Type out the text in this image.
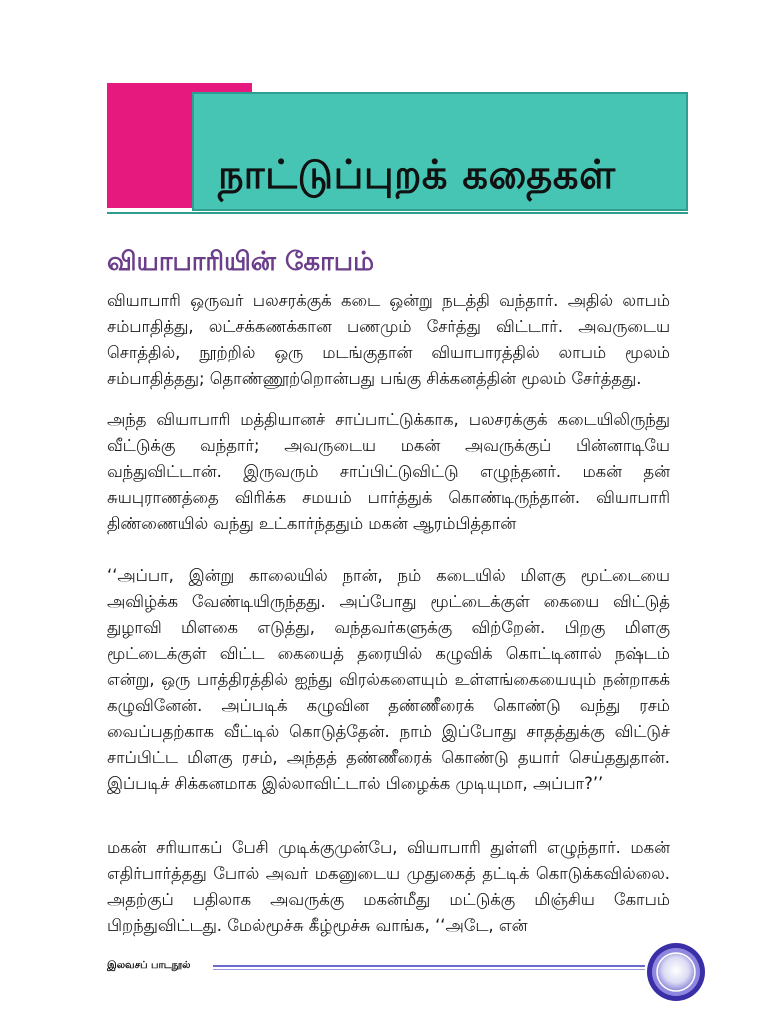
நாட்டுப்புறக் கதைகள்
வியாபாரியின் கோபம்

வியாபாரி ஒருவர் பலசரக்குக் கடை ஒன்று நடத்தி வந்தார். அதில் லாபம் சம்பாதித்து, லட்சக்கணக்கான பணமும் சேர்த்து விட்டார். அவருடைய சொத்தில், நூற்றில் ஒரு மடங்குதான் வியாபாரத்தில் லாபம் மூலம் சம்பாதித்தது; தொண்ணூற்றொன்பது பங்கு சிக்கனத்தின் மூலம் சேர்த்தது.

அந்த வியாபாரி மத்தியானச் சாப்பாட்டுக்காக, பலசரக்குக் கடையிலிருந்து வீட்டுக்கு வந்தார்; அவருடைய மகன் அவருக்குப் பின்னாடியே வந்துவிட்டான். இருவரும் சாப்பிட்டுவிட்டு எழுந்தனர். மகன் தன் சுயபுராணத்தை விரிக்க சமயம் பார்த்துக் கொண்டிருந்தான். வியாபாரி திண்ணையில் வந்து உட்கார்ந்ததும் மகன் ஆரம்பித்தான்

‘‘அப்பா, இன்று காலையில் நான், நம் கடையில் மிளகு மூட்டையை அவிழ்க்க வேண்டியிருந்தது. அப்போது மூட்டைக்குள் கையை விட்டுத் துழாவி மிளகை எடுத்து, வந்தவர்களுக்கு விற்றேன். பிறகு மிளகு மூட்டைக்குள் விட்ட கையைத் தரையில் கழுவிக் கொட்டினால் நஷ்டம் என்று, ஒரு பாத்திரத்தில் ஐந்து விரல்களையும் உள்ளங்கையையும் நன்றாகக் கழுவினேன். அப்படிக் கழுவின தண்ணீரைக் கொண்டு வந்து ரசம் வைப்பதற்காக வீட்டில் கொடுத்தேன். நாம் இப்போது சாதத்துக்கு விட்டுச் சாப்பிட்ட மிளகு ரசம், அந்தத் தண்ணீரைக் கொண்டு தயார் செய்ததுதான். இப்படிச் சிக்கனமாக இல்லாவிட்டால் பிழைக்க முடியுமா, அப்பா?’’

மகன் சரியாகப் பேசி முடிக்குமுன்பே, வியாபாரி துள்ளி எழுந்தார். மகன் எதிர்பார்த்தது போல் அவர் மகனுடைய முதுகைத் தட்டிக் கொடுக்கவில்லை. அதற்குப் பதிலாக அவருக்கு மகன்மீது மட்டுக்கு மிஞ்சிய கோபம் பிறந்துவிட்டது. மேல்மூச்சு கீழ்மூச்சு வாங்க, ‘‘அடே, என்

இலவசப் பாடநூல்
